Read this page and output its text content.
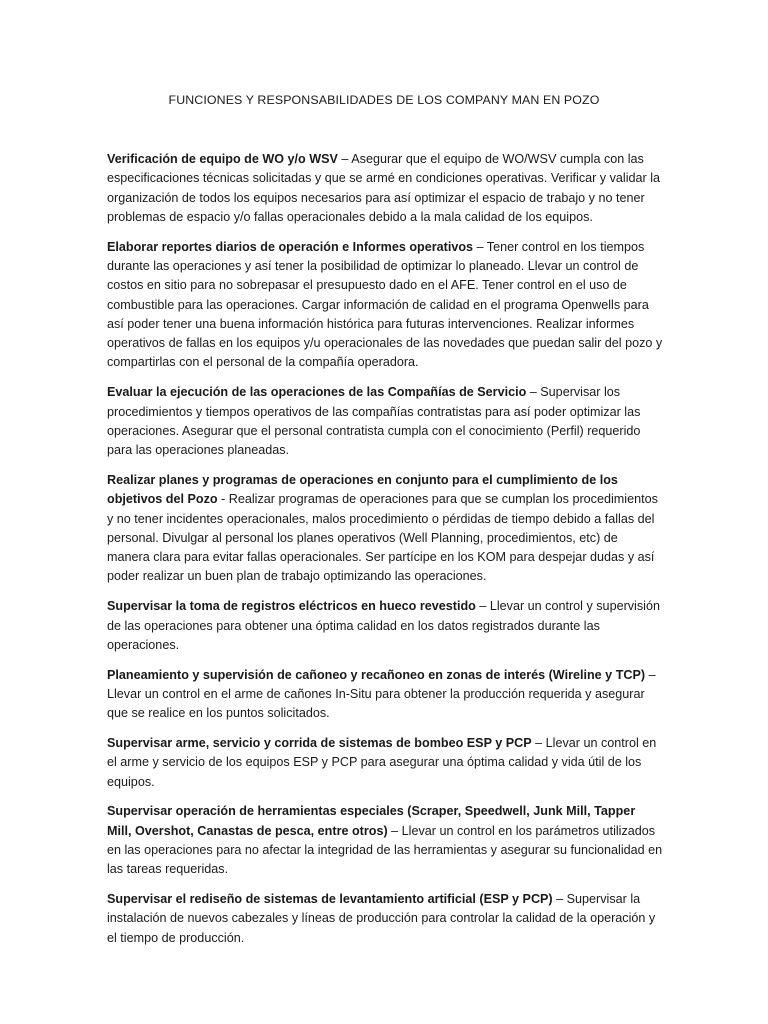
FUNCIONES Y RESPONSABILIDADES DE LOS COMPANY MAN EN POZO

Verificación de equipo de WO y/o WSV – Asegurar que el equipo de WO/WSV cumpla con las especificaciones técnicas solicitadas y que se armé en condiciones operativas. Verificar y validar la organización de todos los equipos necesarios para así optimizar el espacio de trabajo y no tener problemas de espacio y/o fallas operacionales debido a la mala calidad de los equipos.

Elaborar reportes diarios de operación e Informes operativos – Tener control en los tiempos durante las operaciones y así tener la posibilidad de optimizar lo planeado. Llevar un control de costos en sitio para no sobrepasar el presupuesto dado en el AFE. Tener control en el uso de combustible para las operaciones. Cargar información de calidad en el programa Openwells para así poder tener una buena información histórica para futuras intervenciones. Realizar informes operativos de fallas en los equipos y/u operacionales de las novedades que puedan salir del pozo y compartirlas con el personal de la compañía operadora.

Evaluar la ejecución de las operaciones de las Compañías de Servicio – Supervisar los procedimientos y tiempos operativos de las compañías contratistas para así poder optimizar las operaciones. Asegurar que el personal contratista cumpla con el conocimiento (Perfil) requerido para las operaciones planeadas.

Realizar planes y programas de operaciones en conjunto para el cumplimiento de los objetivos del Pozo - Realizar programas de operaciones para que se cumplan los procedimientos y no tener incidentes operacionales, malos procedimiento o pérdidas de tiempo debido a fallas del personal. Divulgar al personal los planes operativos (Well Planning, procedimientos, etc) de manera clara para evitar fallas operacionales. Ser partícipe en los KOM para despejar dudas y así poder realizar un buen plan de trabajo optimizando las operaciones.

Supervisar la toma de registros eléctricos en hueco revestido – Llevar un control y supervisión de las operaciones para obtener una óptima calidad en los datos registrados durante las operaciones.

Planeamiento y supervisión de cañoneo y recañoneo en zonas de interés (Wireline y TCP) – Llevar un control en el arme de cañones In-Situ para obtener la producción requerida y asegurar que se realice en los puntos solicitados.

Supervisar arme, servicio y corrida de sistemas de bombeo ESP y PCP – Llevar un control en el arme y servicio de los equipos ESP y PCP para asegurar una óptima calidad y vida útil de los equipos.

Supervisar operación de herramientas especiales (Scraper, Speedwell, Junk Mill, Tapper Mill, Overshot, Canastas de pesca, entre otros) – Llevar un control en los parámetros utilizados en las operaciones para no afectar la integridad de las herramientas y asegurar su funcionalidad en las tareas requeridas.

Supervisar el rediseño de sistemas de levantamiento artificial (ESP y PCP) – Supervisar la instalación de nuevos cabezales y líneas de producción para controlar la calidad de la operación y el tiempo de producción.
